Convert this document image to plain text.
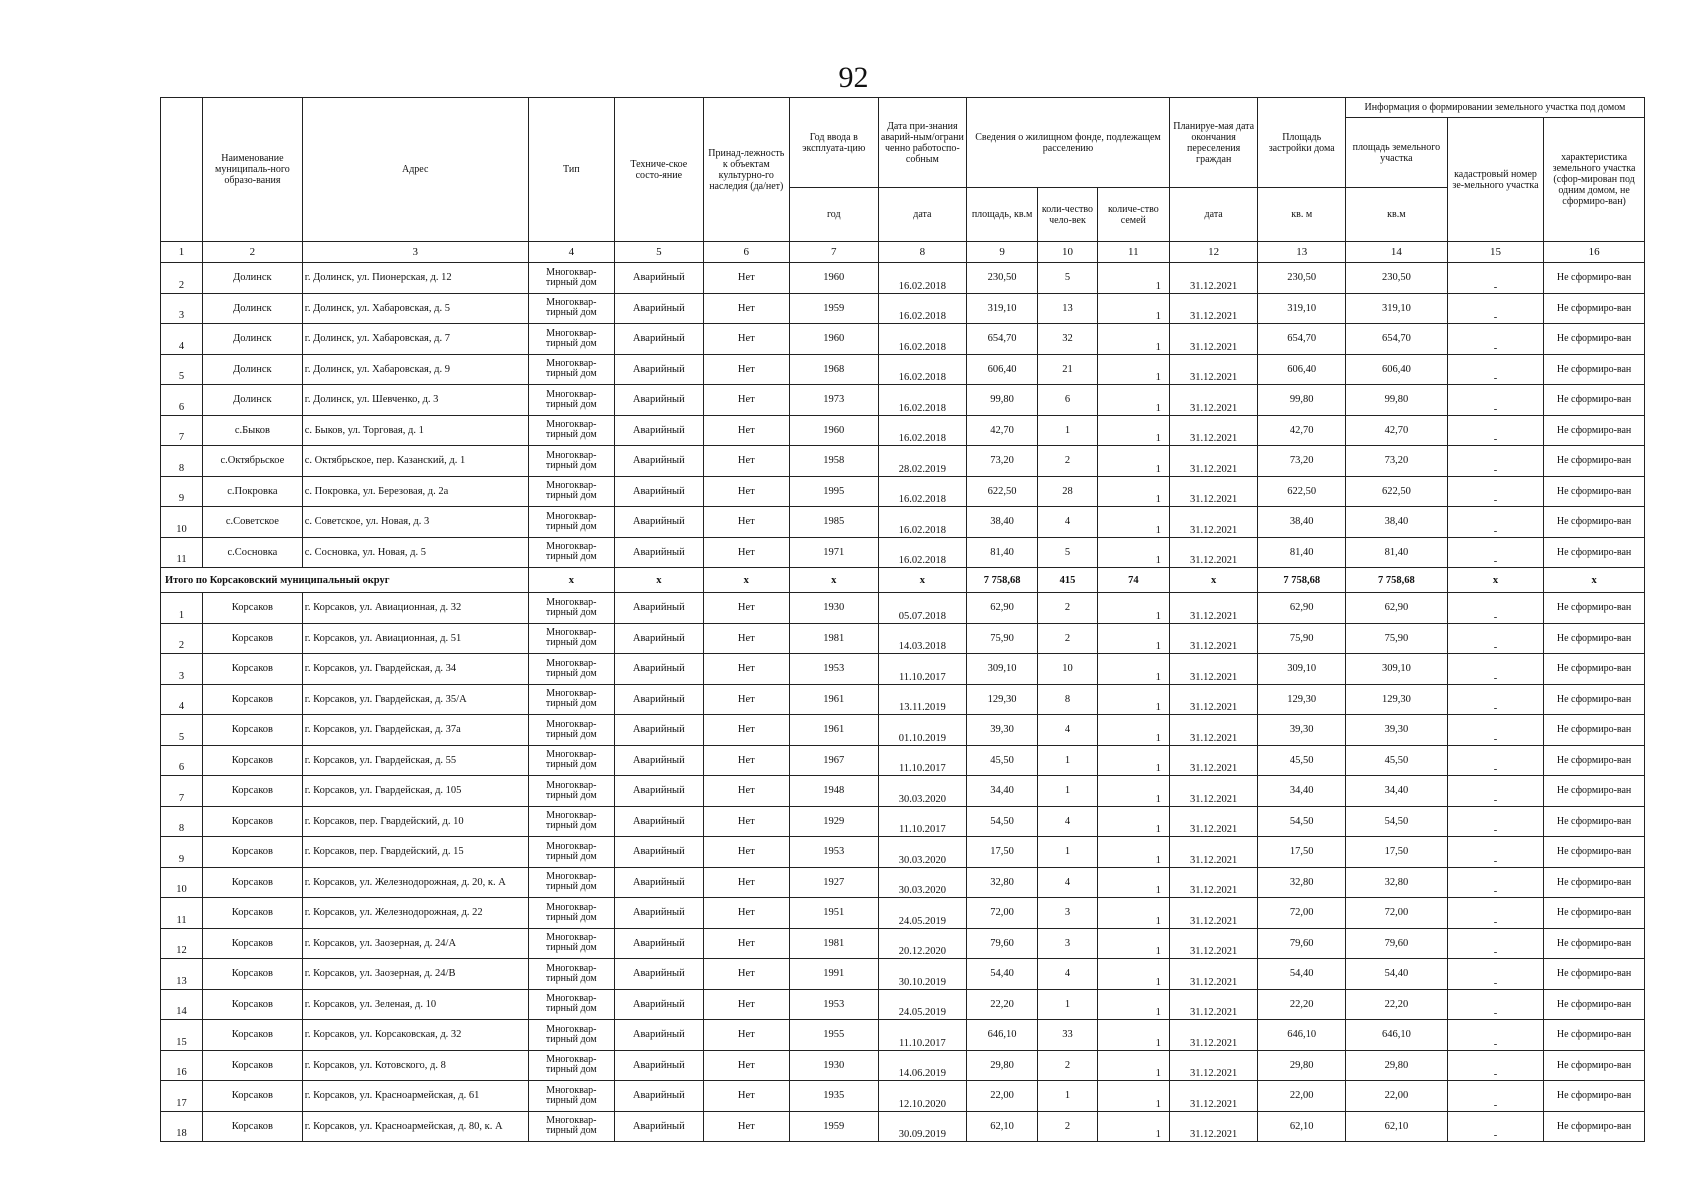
92
	Наименование муниципаль-ного образо-вания	Адрес	Тип	Техниче-ское состо-яние	Принад-лежность к объектам культурно-го наследия (да/нет)	Год ввода в эксплуата-цию	Дата при-знания аварий-ным/ограни ченно работоспо-собным	Сведения о жилищном фонде, подлежащем расселению			Планируе-мая дата окончания переселения граждан	Площадь застройки дома	Информация о формировании земельного участка под домом		
													площадь земельного участка	кадастровый номер зе-мельного участка	характеристика земельного участка (сфор-мирован под одним домом, не сформиро-ван)
						год	дата	площадь, кв.м	коли-чество чело-век	количе-ство семей	дата	кв. м	кв.м		
1	2	3	4	5	6	7	8	9	10	11	12	13	14	15	16
2	Долинск	г. Долинск, ул. Пионерская, д. 12	Многоквар-тирный дом	Аварийный	Нет	1960	16.02.2018	230,50	5	1	31.12.2021	230,50	230,50	-	Не сформиро-ван
3	Долинск	г. Долинск, ул. Хабаровская, д. 5	Многоквар-тирный дом	Аварийный	Нет	1959	16.02.2018	319,10	13	1	31.12.2021	319,10	319,10	-	Не сформиро-ван
4	Долинск	г. Долинск, ул. Хабаровская, д. 7	Многоквар-тирный дом	Аварийный	Нет	1960	16.02.2018	654,70	32	1	31.12.2021	654,70	654,70	-	Не сформиро-ван
5	Долинск	г. Долинск, ул. Хабаровская, д. 9	Многоквар-тирный дом	Аварийный	Нет	1968	16.02.2018	606,40	21	1	31.12.2021	606,40	606,40	-	Не сформиро-ван
6	Долинск	г. Долинск, ул. Шевченко, д. 3	Многоквар-тирный дом	Аварийный	Нет	1973	16.02.2018	99,80	6	1	31.12.2021	99,80	99,80	-	Не сформиро-ван
7	с.Быков	с. Быков, ул. Торговая, д. 1	Многоквар-тирный дом	Аварийный	Нет	1960	16.02.2018	42,70	1	1	31.12.2021	42,70	42,70	-	Не сформиро-ван
8	с.Октябрьское	с. Октябрьское, пер. Казанский, д. 1	Многоквар-тирный дом	Аварийный	Нет	1958	28.02.2019	73,20	2	1	31.12.2021	73,20	73,20	-	Не сформиро-ван
9	с.Покровка	с. Покровка, ул. Березовая, д. 2а	Многоквар-тирный дом	Аварийный	Нет	1995	16.02.2018	622,50	28	1	31.12.2021	622,50	622,50	-	Не сформиро-ван
10	с.Советское	с. Советское, ул. Новая, д. 3	Многоквар-тирный дом	Аварийный	Нет	1985	16.02.2018	38,40	4	1	31.12.2021	38,40	38,40	-	Не сформиро-ван
11	с.Сосновка	с. Сосновка, ул. Новая, д. 5	Многоквар-тирный дом	Аварийный	Нет	1971	16.02.2018	81,40	5	1	31.12.2021	81,40	81,40	-	Не сформиро-ван
Итого по Корсаковский муниципальный округ			х	х	х	х	х	7 758,68	415	74	х	7 758,68	7 758,68	х	х
1	Корсаков	г. Корсаков, ул. Авиационная, д. 32	Многоквар-тирный дом	Аварийный	Нет	1930	05.07.2018	62,90	2	1	31.12.2021	62,90	62,90	-	Не сформиро-ван
2	Корсаков	г. Корсаков, ул. Авиационная, д. 51	Многоквар-тирный дом	Аварийный	Нет	1981	14.03.2018	75,90	2	1	31.12.2021	75,90	75,90	-	Не сформиро-ван
3	Корсаков	г. Корсаков, ул. Гвардейская, д. 34	Многоквар-тирный дом	Аварийный	Нет	1953	11.10.2017	309,10	10	1	31.12.2021	309,10	309,10	-	Не сформиро-ван
4	Корсаков	г. Корсаков, ул. Гвардейская, д. 35/А	Многоквар-тирный дом	Аварийный	Нет	1961	13.11.2019	129,30	8	1	31.12.2021	129,30	129,30	-	Не сформиро-ван
5	Корсаков	г. Корсаков, ул. Гвардейская, д. 37а	Многоквар-тирный дом	Аварийный	Нет	1961	01.10.2019	39,30	4	1	31.12.2021	39,30	39,30	-	Не сформиро-ван
6	Корсаков	г. Корсаков, ул. Гвардейская, д. 55	Многоквар-тирный дом	Аварийный	Нет	1967	11.10.2017	45,50	1	1	31.12.2021	45,50	45,50	-	Не сформиро-ван
7	Корсаков	г. Корсаков, ул. Гвардейская, д. 105	Многоквар-тирный дом	Аварийный	Нет	1948	30.03.2020	34,40	1	1	31.12.2021	34,40	34,40	-	Не сформиро-ван
8	Корсаков	г. Корсаков, пер. Гвардейский, д. 10	Многоквар-тирный дом	Аварийный	Нет	1929	11.10.2017	54,50	4	1	31.12.2021	54,50	54,50	-	Не сформиро-ван
9	Корсаков	г. Корсаков, пер. Гвардейский, д. 15	Многоквар-тирный дом	Аварийный	Нет	1953	30.03.2020	17,50	1	1	31.12.2021	17,50	17,50	-	Не сформиро-ван
10	Корсаков	г. Корсаков, ул. Железнодорожная, д. 20, к. А	Многоквар-тирный дом	Аварийный	Нет	1927	30.03.2020	32,80	4	1	31.12.2021	32,80	32,80	-	Не сформиро-ван
11	Корсаков	г. Корсаков, ул. Железнодорожная, д. 22	Многоквар-тирный дом	Аварийный	Нет	1951	24.05.2019	72,00	3	1	31.12.2021	72,00	72,00	-	Не сформиро-ван
12	Корсаков	г. Корсаков, ул. Заозерная, д. 24/А	Многоквар-тирный дом	Аварийный	Нет	1981	20.12.2020	79,60	3	1	31.12.2021	79,60	79,60	-	Не сформиро-ван
13	Корсаков	г. Корсаков, ул. Заозерная, д. 24/В	Многоквар-тирный дом	Аварийный	Нет	1991	30.10.2019	54,40	4	1	31.12.2021	54,40	54,40	-	Не сформиро-ван
14	Корсаков	г. Корсаков, ул. Зеленая, д. 10	Многоквар-тирный дом	Аварийный	Нет	1953	24.05.2019	22,20	1	1	31.12.2021	22,20	22,20	-	Не сформиро-ван
15	Корсаков	г. Корсаков, ул. Корсаковская, д. 32	Многоквар-тирный дом	Аварийный	Нет	1955	11.10.2017	646,10	33	1	31.12.2021	646,10	646,10	-	Не сформиро-ван
16	Корсаков	г. Корсаков, ул. Котовского, д. 8	Многоквар-тирный дом	Аварийный	Нет	1930	14.06.2019	29,80	2	1	31.12.2021	29,80	29,80	-	Не сформиро-ван
17	Корсаков	г. Корсаков, ул. Красноармейская, д. 61	Многоквар-тирный дом	Аварийный	Нет	1935	12.10.2020	22,00	1	1	31.12.2021	22,00	22,00	-	Не сформиро-ван
18	Корсаков	г. Корсаков, ул. Красноармейская, д. 80, к. А	Многоквар-тирный дом	Аварийный	Нет	1959	30.09.2019	62,10	2	1	31.12.2021	62,10	62,10	-	Не сформиро-ван
